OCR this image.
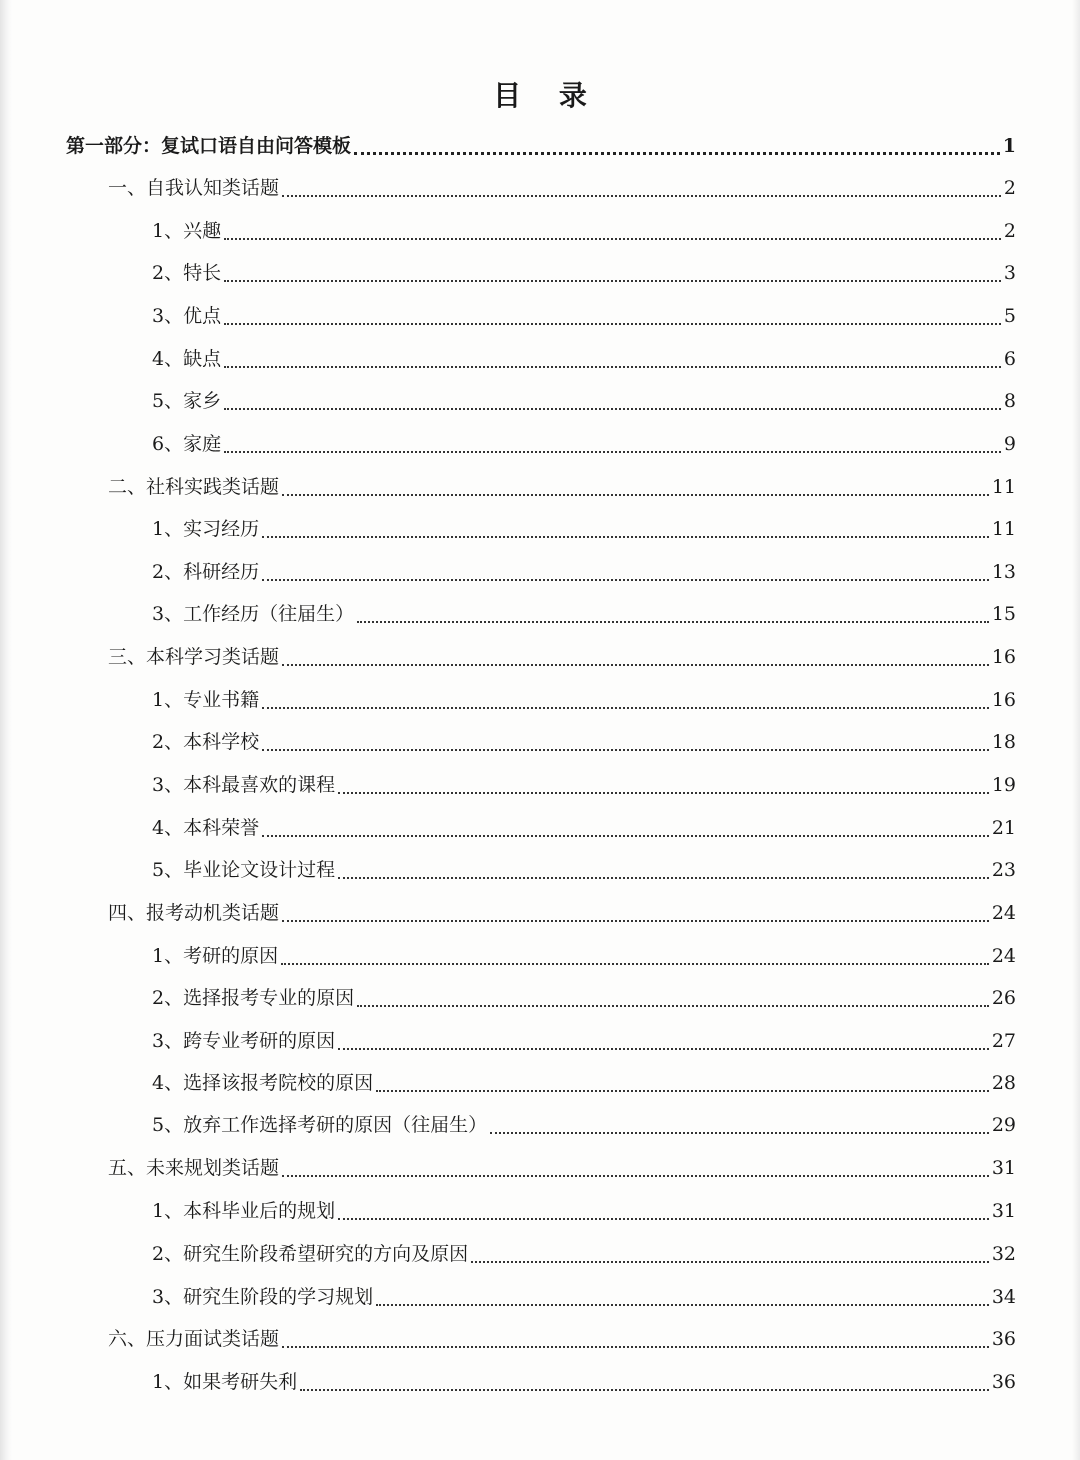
目 录
第一部分：复试口语自由问答模板	1
一、自我认知类话题	2
1、兴趣	2
2、特长	3
3、优点	5
4、缺点	6
5、家乡	8
6、家庭	9
二、社科实践类话题	11
1、实习经历	11
2、科研经历	13
3、工作经历（往届生）	15
三、本科学习类话题	16
1、专业书籍	16
2、本科学校	18
3、本科最喜欢的课程	19
4、本科荣誉	21
5、毕业论文设计过程	23
四、报考动机类话题	24
1、考研的原因	24
2、选择报考专业的原因	26
3、跨专业考研的原因	27
4、选择该报考院校的原因	28
5、放弃工作选择考研的原因（往届生）	29
五、未来规划类话题	31
1、本科毕业后的规划	31
2、研究生阶段希望研究的方向及原因	32
3、研究生阶段的学习规划	34
六、压力面试类话题	36
1、如果考研失利	36
